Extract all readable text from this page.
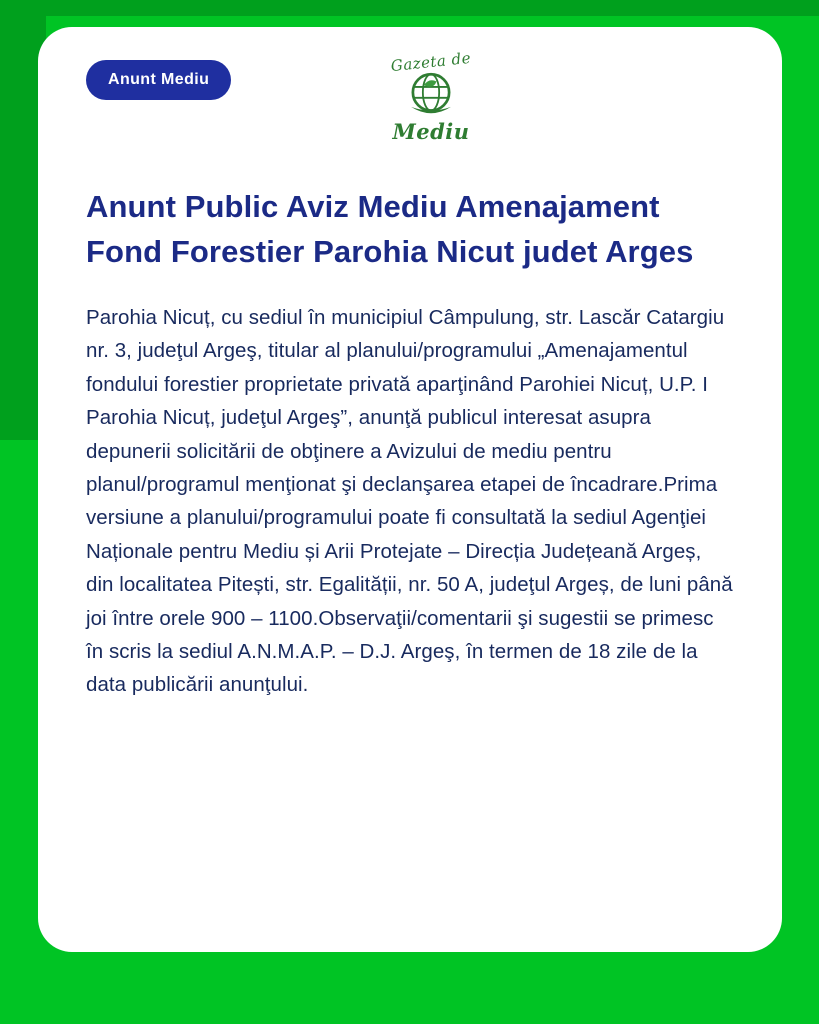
Anunt Mediu
Gazeta de
Mediu
Anunt Public Aviz Mediu Amenajament Fond Forestier Parohia Nicut judet Arges
Parohia Nicuț, cu sediul în municipiul Câmpulung, str. Lascăr Catargiu nr. 3, judeţul Argeş, titular al planului/programului „Amenajamentul fondului forestier proprietate privată aparţinând Parohiei Nicuț, U.P. I Parohia Nicuț, judeţul Argeş”, anunţă publicul interesat asupra depunerii solicitării de obţinere a Avizului de mediu pentru planul/programul menţionat şi declanşarea etapei de încadrare.Prima versiune a planului/programului poate fi consultată la sediul Agenţiei Naționale pentru Mediu și Arii Protejate – Direcția Județeană Argeș, din localitatea Pitești, str. Egalității, nr. 50 A, judeţul Argeș, de luni până joi între orele 900 – 1100.Observaţii/comentarii şi sugestii se primesc în scris la sediul A.N.M.A.P. – D.J. Argeş, în termen de 18 zile de la data publicării anunţului.
